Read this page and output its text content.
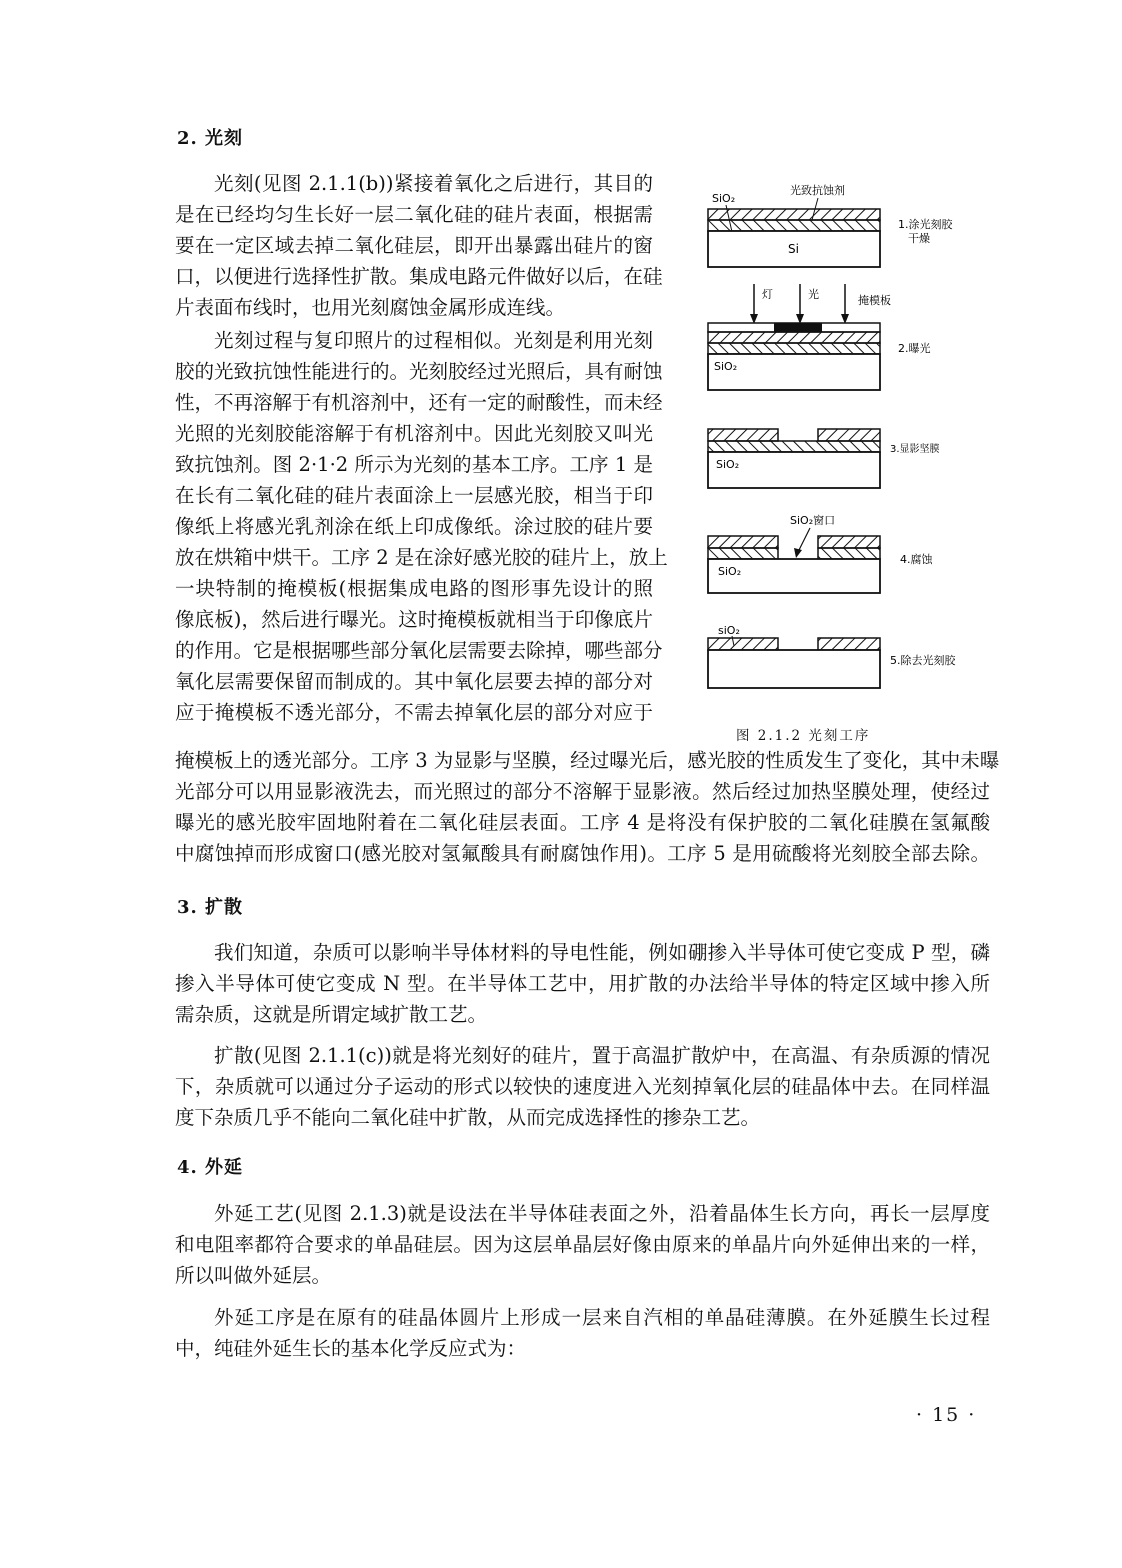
2. 光刻
光刻(见图 2.1.1(b))紧接着氧化之后进行，其目的
是在已经均匀生长好一层二氧化硅的硅片表面，根据需
要在一定区域去掉二氧化硅层，即开出暴露出硅片的窗
口，以便进行选择性扩散。集成电路元件做好以后，在硅
片表面布线时，也用光刻腐蚀金属形成连线。
光刻过程与复印照片的过程相似。光刻是利用光刻
胶的光致抗蚀性能进行的。光刻胶经过光照后，具有耐蚀
性，不再溶解于有机溶剂中，还有一定的耐酸性，而未经
光照的光刻胶能溶解于有机溶剂中。因此光刻胶又叫光
致抗蚀剂。图 2·1·2 所示为光刻的基本工序。工序 1 是
在长有二氧化硅的硅片表面涂上一层感光胶，相当于印
像纸上将感光乳剂涂在纸上印成像纸。涂过胶的硅片要
放在烘箱中烘干。工序 2 是在涂好感光胶的硅片上，放上
一块特制的掩模板(根据集成电路的图形事先设计的照
像底板)，然后进行曝光。这时掩模板就相当于印像底片
的作用。它是根据哪些部分氧化层需要去除掉，哪些部分
氧化层需要保留而制成的。其中氧化层要去掉的部分对
应于掩模板不透光部分，不需去掉氧化层的部分对应于
掩模板上的透光部分。工序 3 为显影与坚膜，经过曝光后，感光胶的性质发生了变化，其中未曝
光部分可以用显影液洗去，而光照过的部分不溶解于显影液。然后经过加热坚膜处理，使经过
曝光的感光胶牢固地附着在二氧化硅层表面。工序 4 是将没有保护胶的二氧化硅膜在氢氟酸
中腐蚀掉而形成窗口(感光胶对氢氟酸具有耐腐蚀作用)。工序 5 是用硫酸将光刻胶全部去除。
SiO₂
光致抗蚀剂
Si
1.涂光刻胶
干燥
灯	光	掩模板
SiO₂
2.曝光
SiO₂
3.显影坚膜
SiO₂窗口
SiO₂
4.腐蚀
siO₂
5.除去光刻胶
图 2.1.2 光刻工序
3. 扩散
我们知道，杂质可以影响半导体材料的导电性能，例如硼掺入半导体可使它变成 P 型，磷
掺入半导体可使它变成 N 型。在半导体工艺中，用扩散的办法给半导体的特定区域中掺入所
需杂质，这就是所谓定域扩散工艺。
扩散(见图 2.1.1(c))就是将光刻好的硅片，置于高温扩散炉中，在高温、有杂质源的情况
下，杂质就可以通过分子运动的形式以较快的速度进入光刻掉氧化层的硅晶体中去。在同样温
度下杂质几乎不能向二氧化硅中扩散，从而完成选择性的掺杂工艺。
4. 外延
外延工艺(见图 2.1.3)就是设法在半导体硅表面之外，沿着晶体生长方向，再长一层厚度
和电阻率都符合要求的单晶硅层。因为这层单晶层好像由原来的单晶片向外延伸出来的一样，
所以叫做外延层。
外延工序是在原有的硅晶体圆片上形成一层来自汽相的单晶硅薄膜。在外延膜生长过程
中，纯硅外延生长的基本化学反应式为：
· 15 ·
